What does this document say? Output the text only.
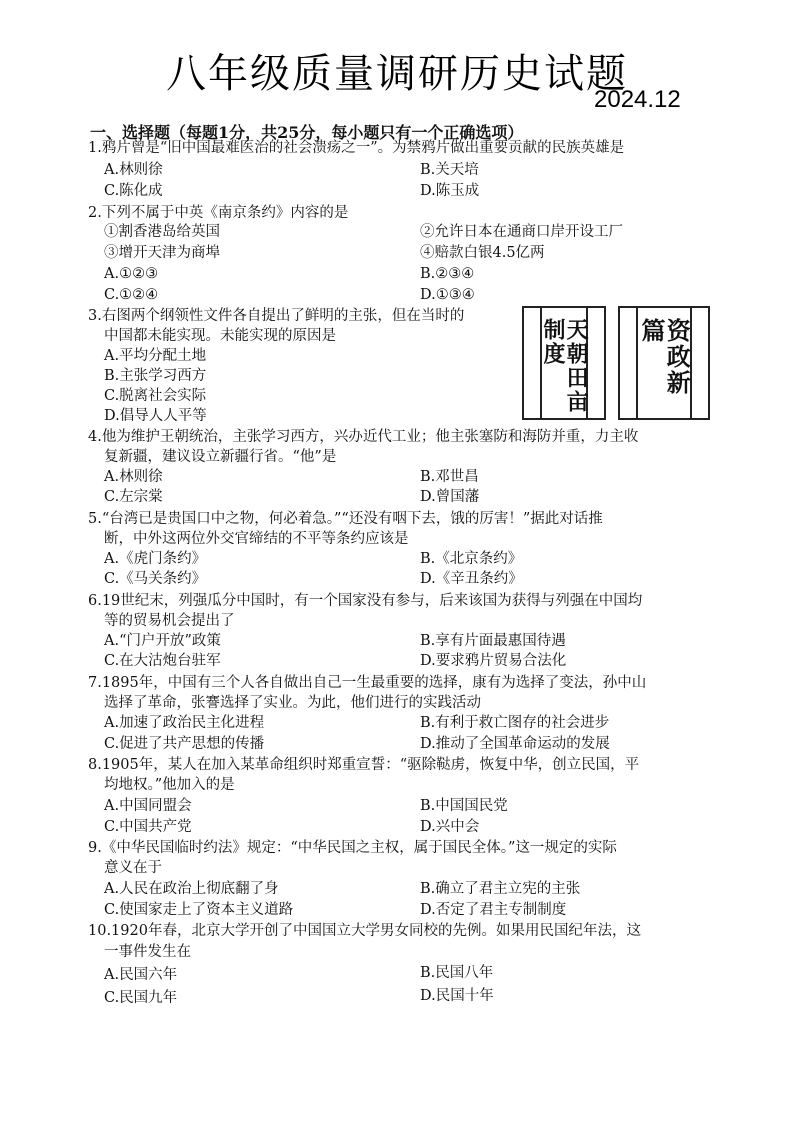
八年级质量调研历史试题
2024.12
一、选择题（每题1分，共25分，每小题只有一个正确选项）
1.鸦片曾是“旧中国最难医治的社会溃疡之一”。为禁鸦片做出重要贡献的民族英雄是
A.林则徐	B.关天培
C.陈化成	D.陈玉成
2.下列不属于中英《南京条约》内容的是
①割香港岛给英国	②允许日本在通商口岸开设工厂
③增开天津为商埠	④赔款白银4.5亿两
A.①②③	B.②③④
C.①②④	D.①③④
3.右图两个纲领性文件各自提出了鲜明的主张，但在当时的
中国都未能实现。未能实现的原因是
A.平均分配土地
B.主张学习西方
C.脱离社会实际
D.倡导人人平等
天朝田亩制度	资政新篇
4.他为维护王朝统治，主张学习西方，兴办近代工业；他主张塞防和海防并重，力主收
复新疆，建议设立新疆行省。“他”是
A.林则徐	B.邓世昌
C.左宗棠	D.曾国藩
5.“台湾已是贵国口中之物，何必着急。”“还没有咽下去，饿的厉害！”据此对话推
断，中外这两位外交官缔结的不平等条约应该是
A.《虎门条约》	B.《北京条约》
C.《马关条约》	D.《辛丑条约》
6.19世纪末，列强瓜分中国时，有一个国家没有参与，后来该国为获得与列强在中国均
等的贸易机会提出了
A.“门户开放”政策	B.享有片面最惠国待遇
C.在大沽炮台驻军	D.要求鸦片贸易合法化
7.1895年，中国有三个人各自做出自己一生最重要的选择，康有为选择了变法，孙中山
选择了革命，张謇选择了实业。为此，他们进行的实践活动
A.加速了政治民主化进程	B.有利于救亡图存的社会进步
C.促进了共产思想的传播	D.推动了全国革命运动的发展
8.1905年，某人在加入某革命组织时郑重宣誓：“驱除鞑虏，恢复中华，创立民国，平
均地权。”他加入的是
A.中国同盟会	B.中国国民党
C.中国共产党	D.兴中会
9.《中华民国临时约法》规定：“中华民国之主权，属于国民全体。”这一规定的实际
意义在于
A.人民在政治上彻底翻了身	B.确立了君主立宪的主张
C.使国家走上了资本主义道路	D.否定了君主专制制度
10.1920年春，北京大学开创了中国国立大学男女同校的先例。如果用民国纪年法，这
一事件发生在
A.民国六年	B.民国八年
C.民国九年	D.民国十年
